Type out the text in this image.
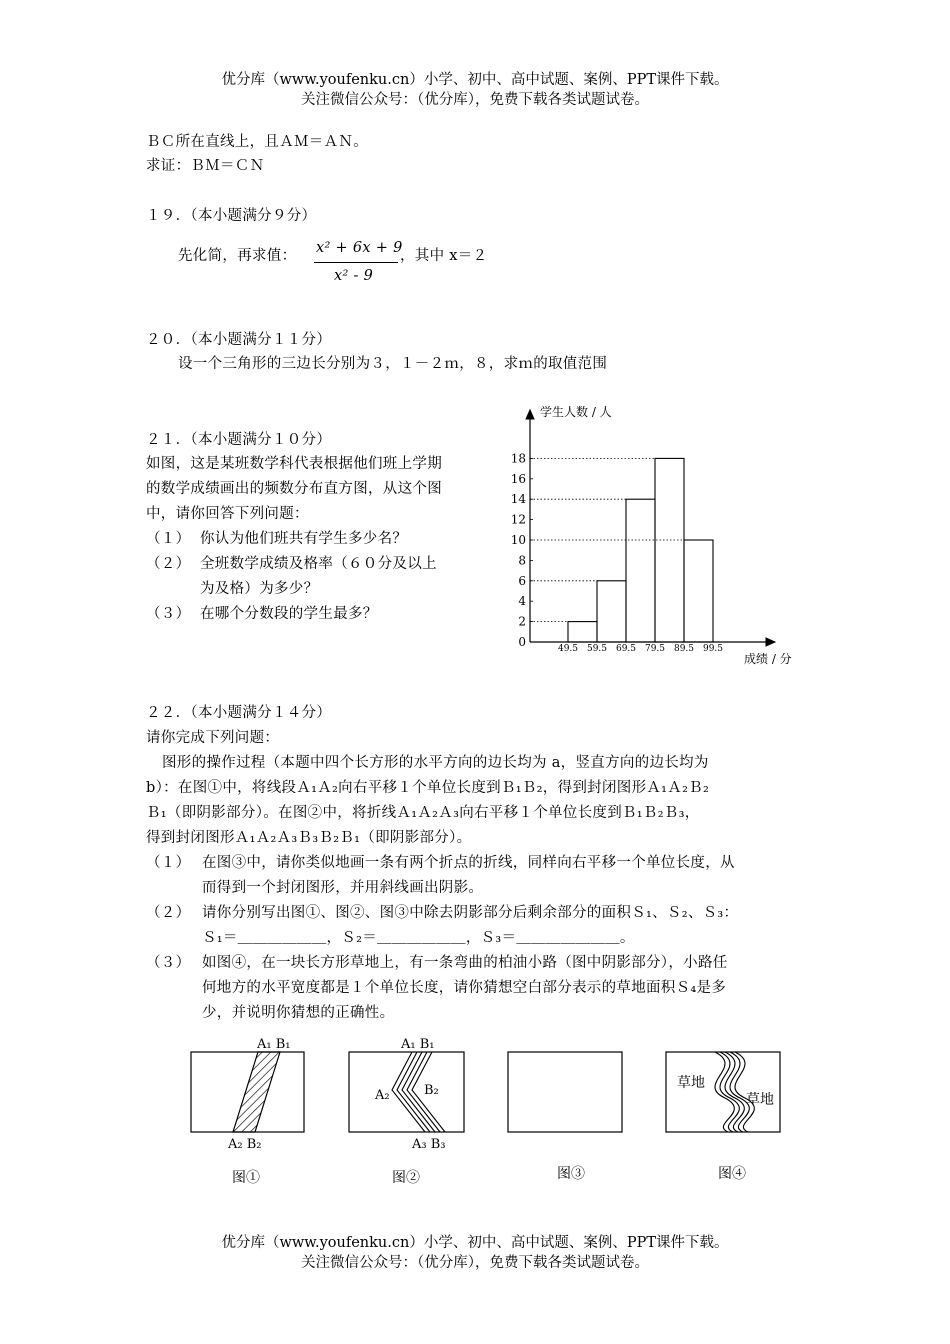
优分库（www.youfenku.cn）小学、初中、高中试题、案例、PPT课件下载。
关注微信公众号：（优分库），免费下载各类试题试卷。
ＢＣ所在直线上，且ＡＭ＝ＡＮ。
求证：ＢＭ＝ＣＮ
１９．（本小题满分９分）
先化简，再求值： x² + 6x + 9
x² - 9
，其中 x＝２
２０．（本小题满分１１分）
设一个三角形的三边长分别为３，１－２ｍ，８，求ｍ的取值范围
２１．（本小题满分１０分）
如图，这是某班数学科代表根据他们班上学期
的数学成绩画出的频数分布直方图，从这个图
中，请你回答下列问题：
（１） 你认为他们班共有学生多少名？
（２） 全班数学成绩及格率（６０分及以上
为及格）为多少？
（３） 在哪个分数段的学生最多？
学生人数 / 人
成绩 / 分
0
2
4
6
8
10
12
14
16
18
49.5 59.5 69.5 79.5 89.5 99.5
２２．（本小题满分１４分）
请你完成下列问题：
图形的操作过程（本题中四个长方形的水平方向的边长均为 a，竖直方向的边长均为
b）：在图①中，将线段Ａ₁Ａ₂向右平移１个单位长度到Ｂ₁Ｂ₂，得到封闭图形Ａ₁Ａ₂Ｂ₂
Ｂ₁（即阴影部分）。在图②中，将折线Ａ₁Ａ₂Ａ₃向右平移１个单位长度到Ｂ₁Ｂ₂Ｂ₃，
得到封闭图形Ａ₁Ａ₂Ａ₃Ｂ₃Ｂ₂Ｂ₁（即阴影部分）。
（１） 在图③中，请你类似地画一条有两个折点的折线，同样向右平移一个单位长度，从
而得到一个封闭图形，并用斜线画出阴影。
（２） 请你分别写出图①、图②、图③中除去阴影部分后剩余部分的面积Ｓ₁、Ｓ₂、Ｓ₃：
Ｓ₁＝＿＿＿＿＿＿，Ｓ₂＝＿＿＿＿＿＿，Ｓ₃＝＿＿＿＿＿＿＿。
（３） 如图④，在一块长方形草地上，有一条弯曲的柏油小路（图中阴影部分），小路任
何地方的水平宽度都是１个单位长度，请你猜想空白部分表示的草地面积Ｓ₄是多
少，并说明你猜想的正确性。
A₁ B₁
A₂ B₂
图①
A₁ B₁
A₂	B₂
A₃ B₃
图②	图③
草地
草地
图④
优分库（www.youfenku.cn）小学、初中、高中试题、案例、PPT课件下载。
关注微信公众号：（优分库），免费下载各类试题试卷。
